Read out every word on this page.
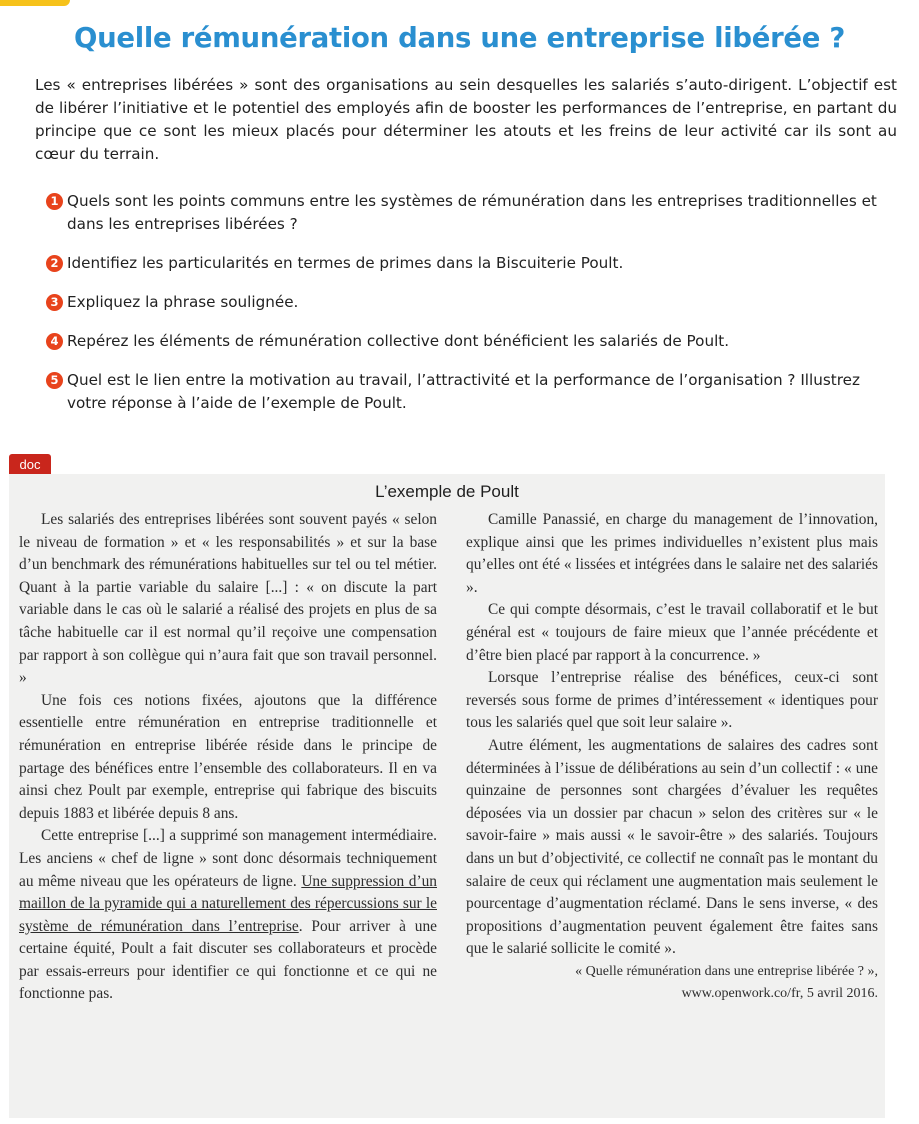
Quelle rémunération dans une entreprise libérée ?

Les « entreprises libérées » sont des organisations au sein desquelles les salariés s’auto-dirigent. L’objectif est de libérer l’initiative et le potentiel des employés afin de booster les performances de l’entreprise, en partant du principe que ce sont les mieux placés pour déterminer les atouts et les freins de leur activité car ils sont au cœur du terrain.

1 Quels sont les points communs entre les systèmes de rémunération dans les entreprises traditionnelles et dans les entreprises libérées ?
2 Identifiez les particularités en termes de primes dans la Biscuiterie Poult.
3 Expliquez la phrase soulignée.
4 Repérez les éléments de rémunération collective dont bénéficient les salariés de Poult.
5 Quel est le lien entre la motivation au travail, l’attractivité et la performance de l’organisation ? Illustrez votre réponse à l’aide de l’exemple de Poult.
doc
L’exemple de Poult

Les salariés des entreprises libérées sont souvent payés « selon le niveau de formation » et « les responsabilités » et sur la base d’un benchmark des rémunérations habituelles sur tel ou tel métier. Quant à la partie variable du salaire [...] : « on discute la part variable dans le cas où le salarié a réalisé des projets en plus de sa tâche habituelle car il est normal qu’il reçoive une compensation par rapport à son collègue qui n’aura fait que son travail personnel. »

Une fois ces notions fixées, ajoutons que la différence essentielle entre rémunération en entreprise traditionnelle et rémunération en entreprise libérée réside dans le principe de partage des bénéfices entre l’ensemble des collaborateurs. Il en va ainsi chez Poult par exemple, entreprise qui fabrique des biscuits depuis 1883 et libérée depuis 8 ans.

Cette entreprise [...] a supprimé son management intermédiaire. Les anciens « chef de ligne » sont donc désormais techniquement au même niveau que les opérateurs de ligne. Une suppression d’un maillon de la pyramide qui a naturellement des répercussions sur le système de rémunération dans l’entreprise. Pour arriver à une certaine équité, Poult a fait discuter ses collaborateurs et procède par essais-erreurs pour identifier ce qui fonctionne et ce qui ne fonctionne pas.

Camille Panassié, en charge du management de l’innovation, explique ainsi que les primes individuelles n’existent plus mais qu’elles ont été « lissées et intégrées dans le salaire net des salariés ».

Ce qui compte désormais, c’est le travail collaboratif et le but général est « toujours de faire mieux que l’année précédente et d’être bien placé par rapport à la concurrence. »

Lorsque l’entreprise réalise des bénéfices, ceux-ci sont reversés sous forme de primes d’intéressement « identiques pour tous les salariés quel que soit leur salaire ».

Autre élément, les augmentations de salaires des cadres sont déterminées à l’issue de délibérations au sein d’un collectif : « une quinzaine de personnes sont chargées d’évaluer les requêtes déposées via un dossier par chacun » selon des critères sur « le savoir-faire » mais aussi « le savoir-être » des salariés. Toujours dans un but d’objectivité, ce collectif ne connaît pas le montant du salaire de ceux qui réclament une augmentation mais seulement le pourcentage d’augmentation réclamé. Dans le sens inverse, « des propositions d’augmentation peuvent également être faites sans que le salarié sollicite le comité ».

« Quelle rémunération dans une entreprise libérée ? »,

www.openwork.co/fr, 5 avril 2016.
